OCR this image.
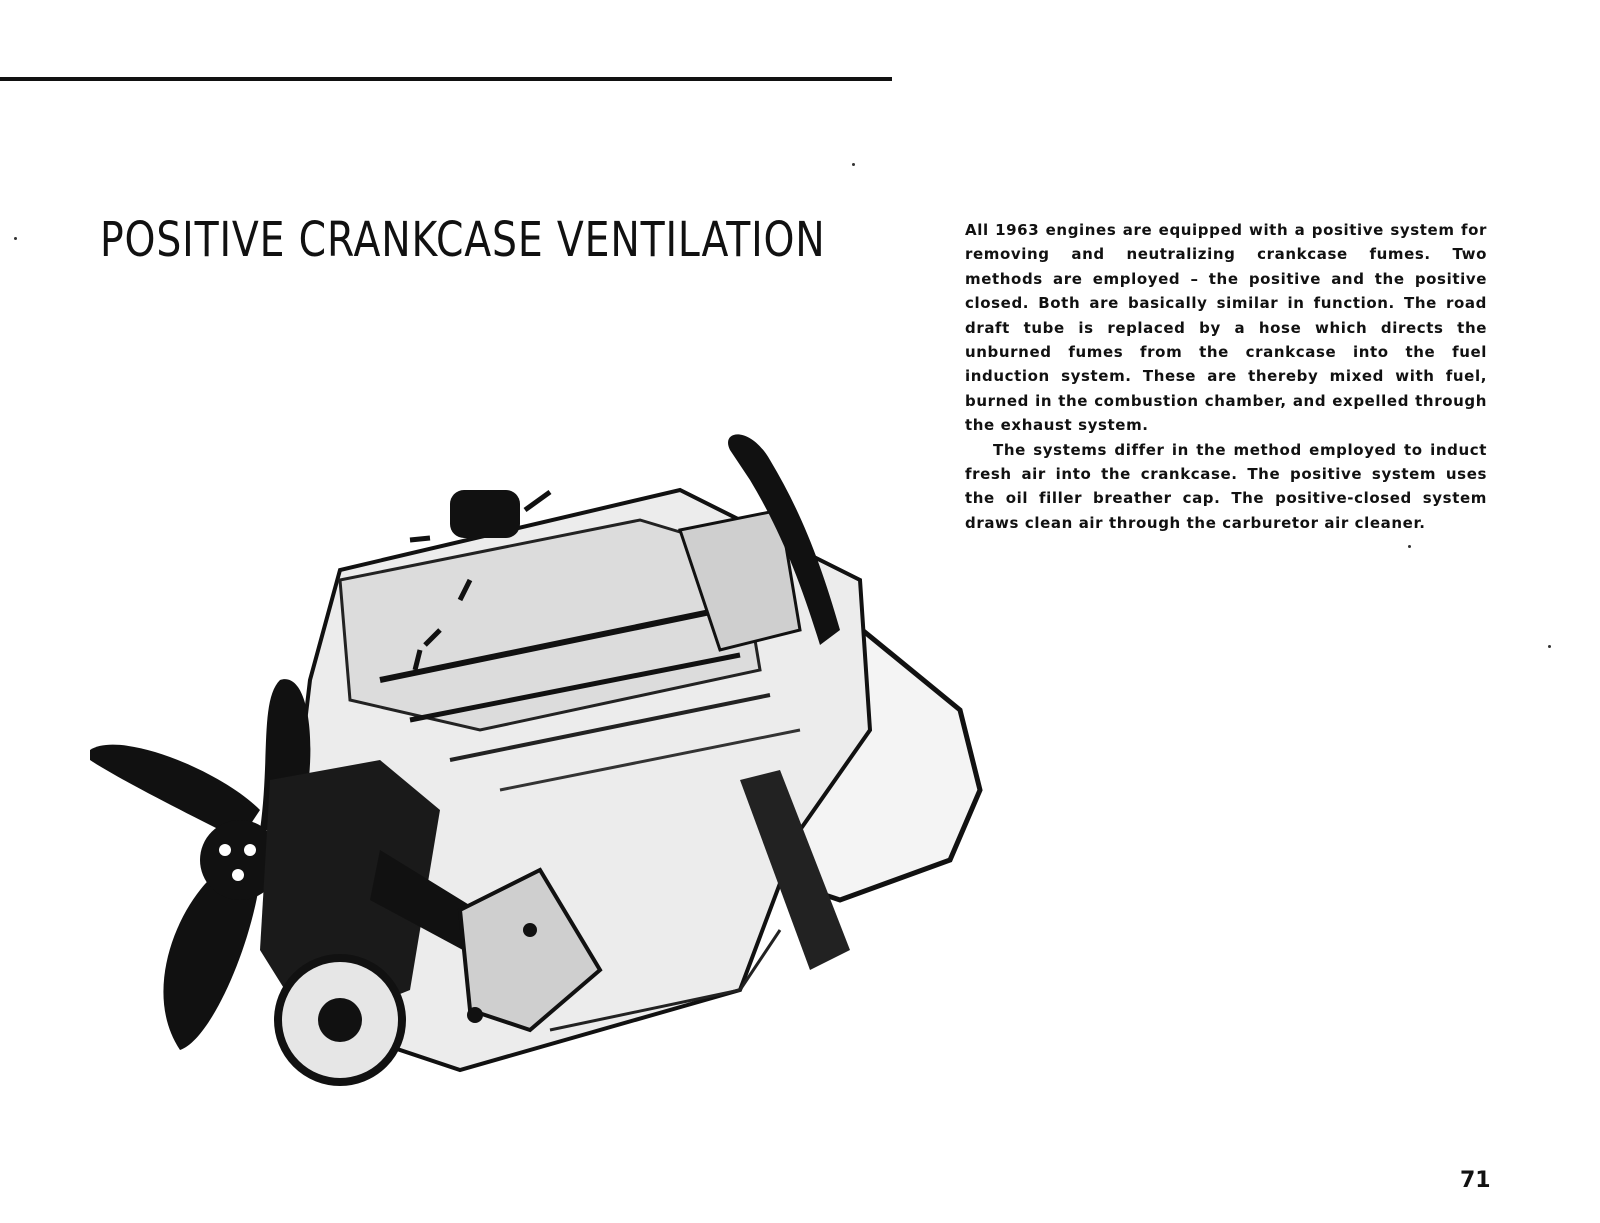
POSITIVE CRANKCASE VENTILATION	All 1963 engines are equipped with a positive system for removing and neutralizing crankcase fumes. Two methods are employed – the positive and the positive closed. Both are basically similar in function. The road draft tube is replaced by a hose which directs the unburned fumes from the crankcase into the fuel induction system. These are thereby mixed with fuel, burned in the combustion chamber, and expelled through the exhaust system.

The systems differ in the method employed to induct fresh air into the crankcase. The positive system uses the oil filler breather cap. The positive-closed system draws clean air through the carburetor air cleaner.

71
